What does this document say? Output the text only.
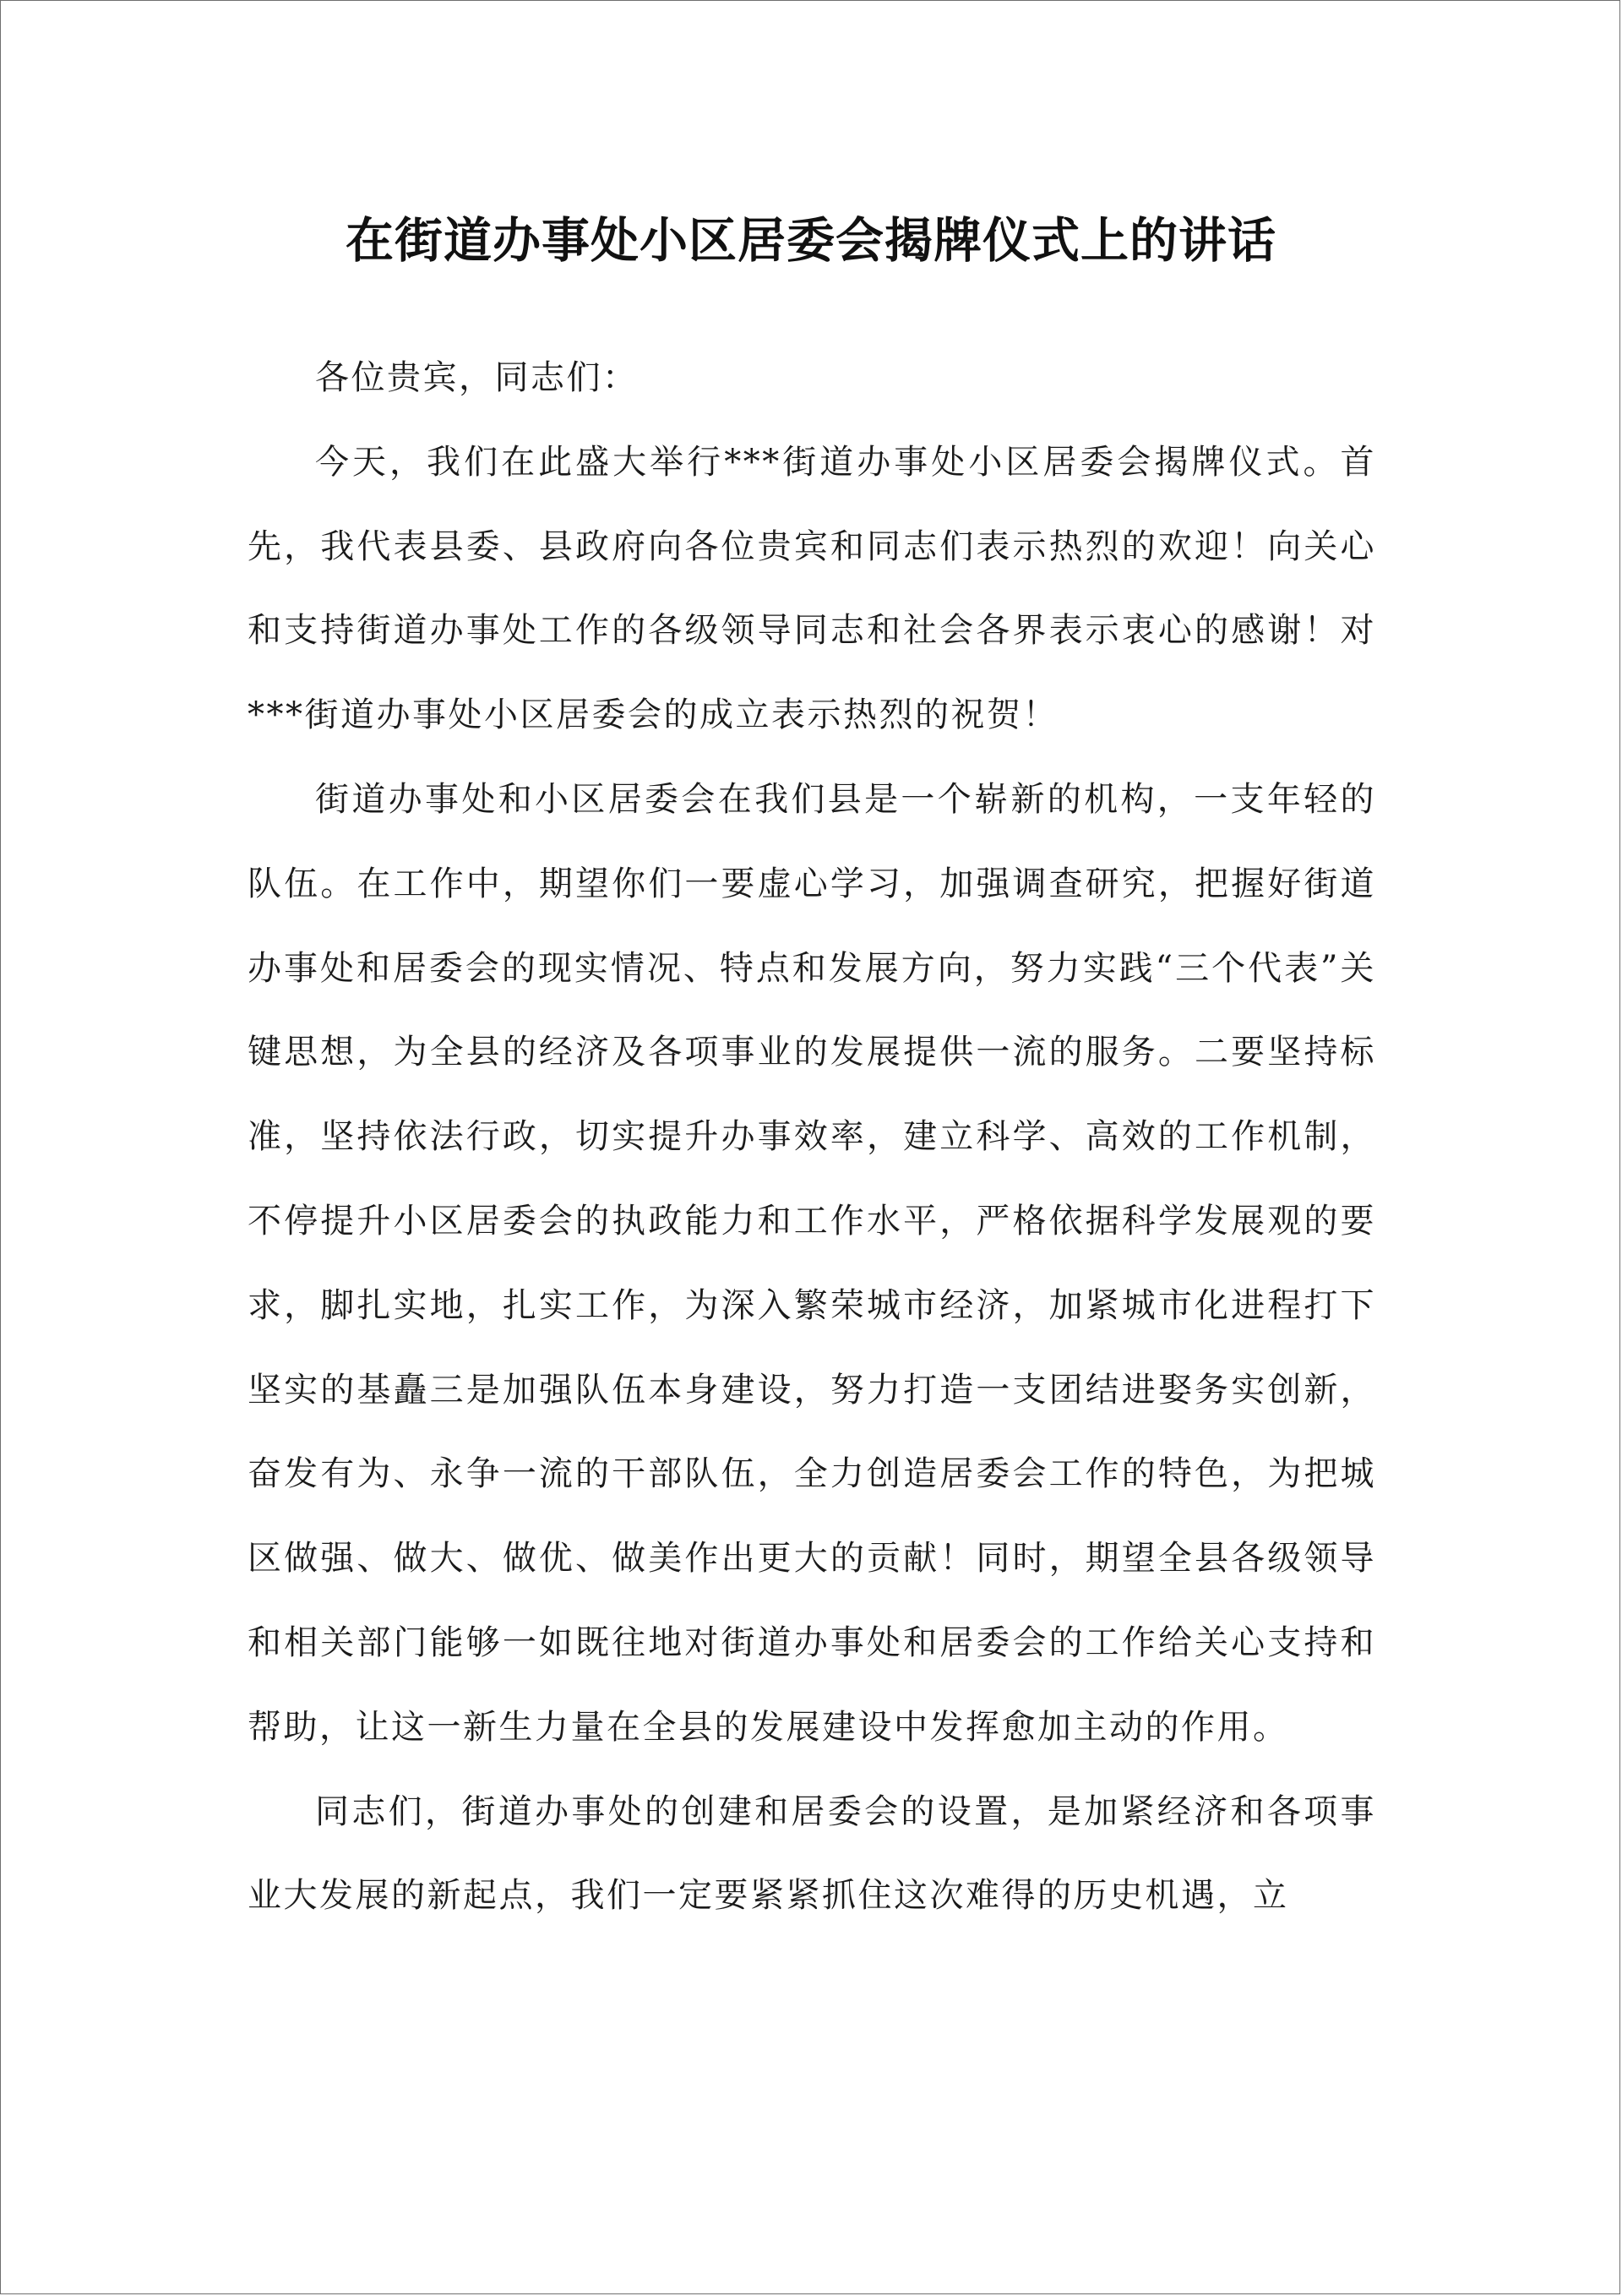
在街道办事处小区居委会揭牌仪式上的讲话

各位贵宾，同志们：

今天，我们在此盛大举行***街道办事处小区居委会揭牌仪式。首先，我代表县委、县政府向各位贵宾和同志们表示热烈的欢迎！向关心和支持街道办事处工作的各级领导同志和社会各界表示衷心的感谢！对***街道办事处小区居委会的成立表示热烈的祝贺！

街道办事处和小区居委会在我们县是一个崭新的机构，一支年轻的队伍。在工作中，期望你们一要虚心学习，加强调查研究，把握好街道办事处和居委会的现实情况、特点和发展方向，努力实践“三个代表”关键思想，为全县的经济及各项事业的发展提供一流的服务。二要坚持标准，坚持依法行政，切实提升办事效率，建立科学、高效的工作机制，不停提升小区居委会的执政能力和工作水平，严格依据科学发展观的要求，脚扎实地，扎实工作，为深入繁荣城市经济，加紧城市化进程打下坚实的基矗三是加强队伍本身建设，努力打造一支团结进娶务实创新，奋发有为、永争一流的干部队伍，全力创造居委会工作的特色，为把城区做强、做大、做优、做美作出更大的贡献！同时，期望全县各级领导和相关部门能够一如既往地对街道办事处和居委会的工作给关心支持和帮助，让这一新生力量在全县的发展建设中发挥愈加主动的作用。

同志们，街道办事处的创建和居委会的设置，是加紧经济和各项事业大发展的新起点，我们一定要紧紧抓住这次难得的历史机遇，立
